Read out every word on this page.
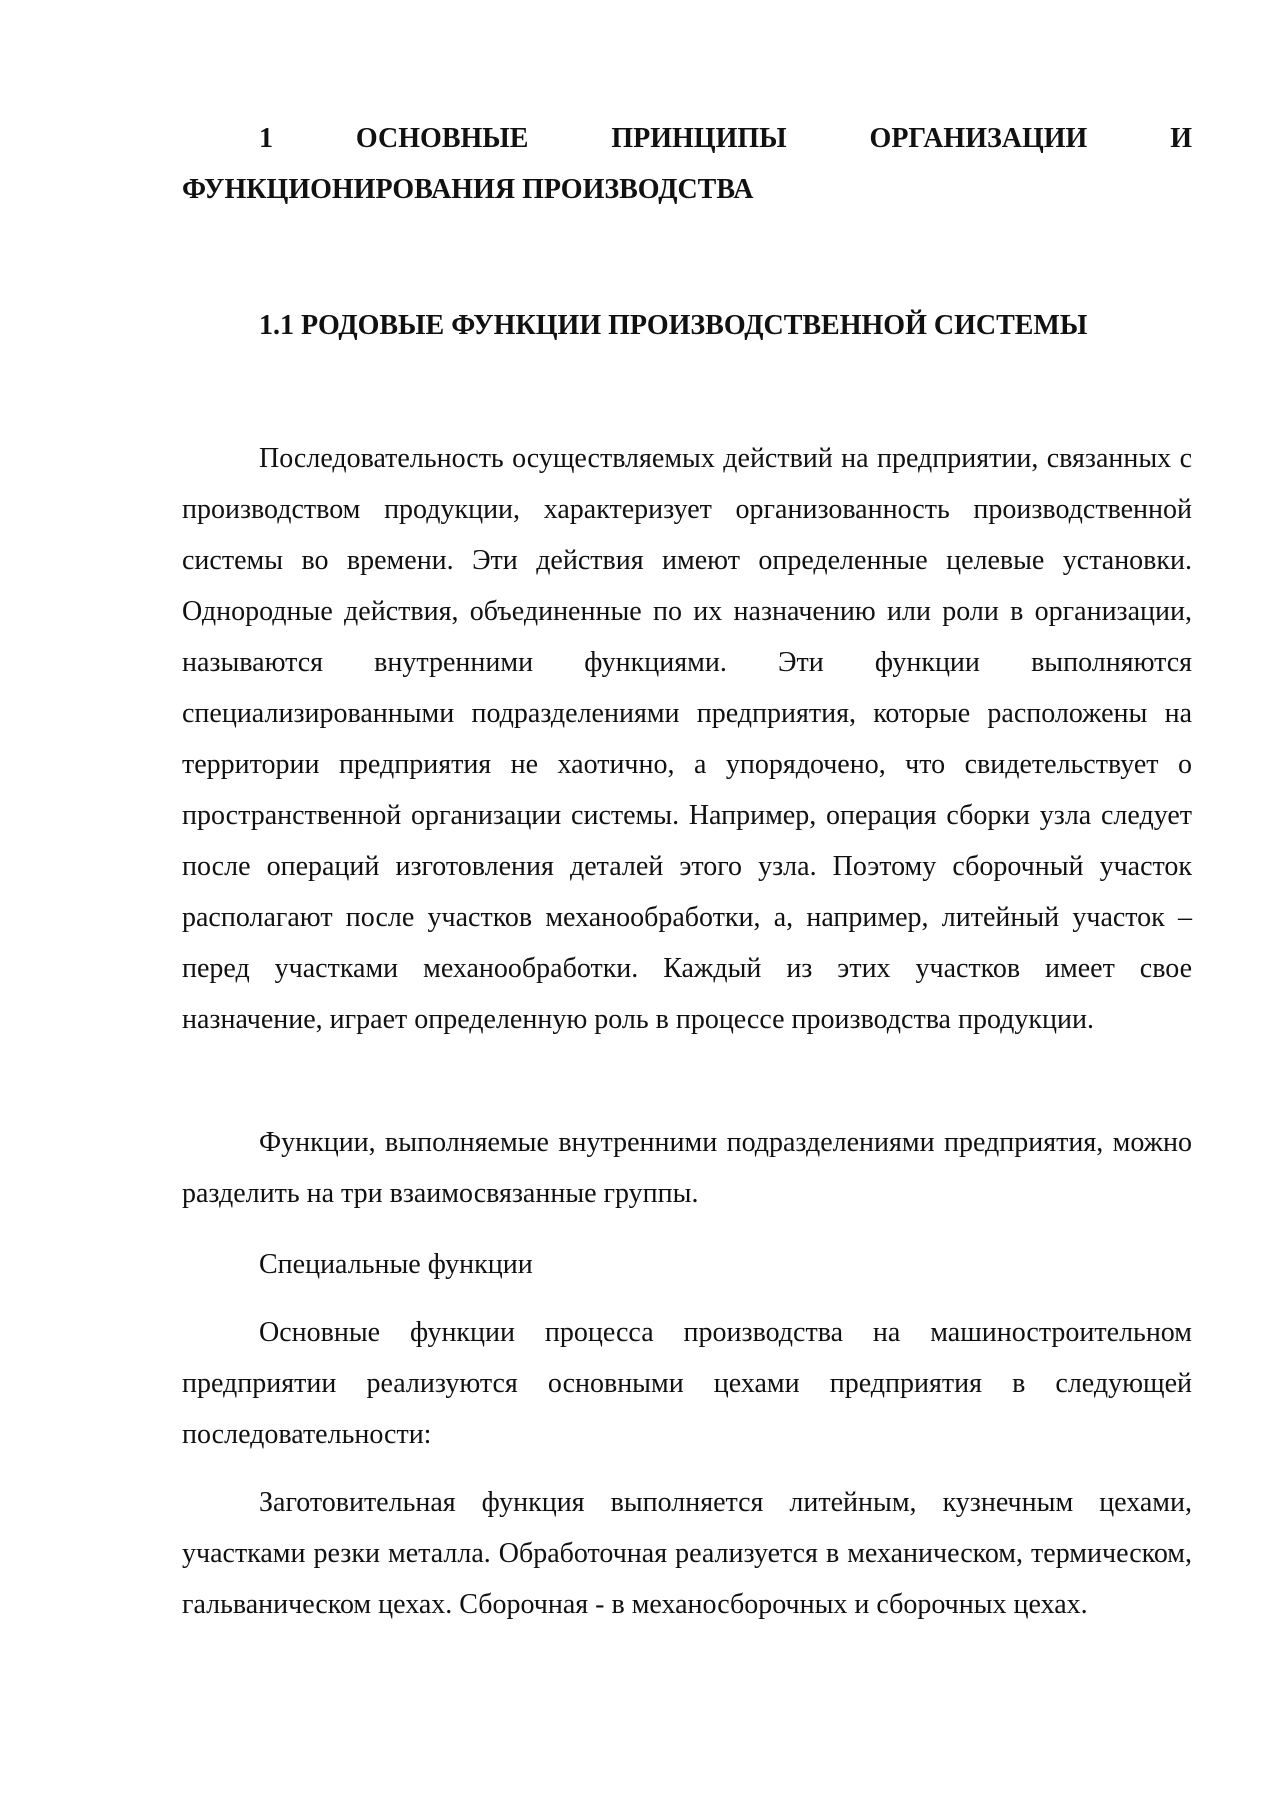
1 ОСНОВНЫЕ ПРИНЦИПЫ ОРГАНИЗАЦИИ И ФУНКЦИОНИРОВАНИЯ ПРОИЗВОДСТВА
1.1 РОДОВЫЕ ФУНКЦИИ ПРОИЗВОДСТВЕННОЙ СИСТЕМЫ

Последовательность осуществляемых действий на предприятии, связанных с производством продукции, характеризует организованность производственной системы во времени. Эти действия имеют определенные целевые установки. Однородные действия, объединенные по их назначению или роли в организации, называются внутренними функциями. Эти функции выполняются специализированными подразделениями предприятия, которые расположены на территории предприятия не хаотично, а упорядочено, что свидетельствует о пространственной организации системы. Например, операция сборки узла следует после операций изготовления деталей этого узла. Поэтому сборочный участок располагают после участков механообработки, а, например, литейный участок – перед участками механообработки. Каждый из этих участков имеет свое назначение, играет определенную роль в процессе производства продукции.

Функции, выполняемые внутренними подразделениями предприятия, можно разделить на три взаимосвязанные группы.

Специальные функции

Основные функции процесса производства на машиностроительном предприятии реализуются основными цехами предприятия в следующей последовательности:

Заготовительная функция выполняется литейным, кузнечным цехами, участками резки металла. Обработочная реализуется в механическом, термическом, гальваническом цехах. Сборочная - в механосборочных и сборочных цехах.
